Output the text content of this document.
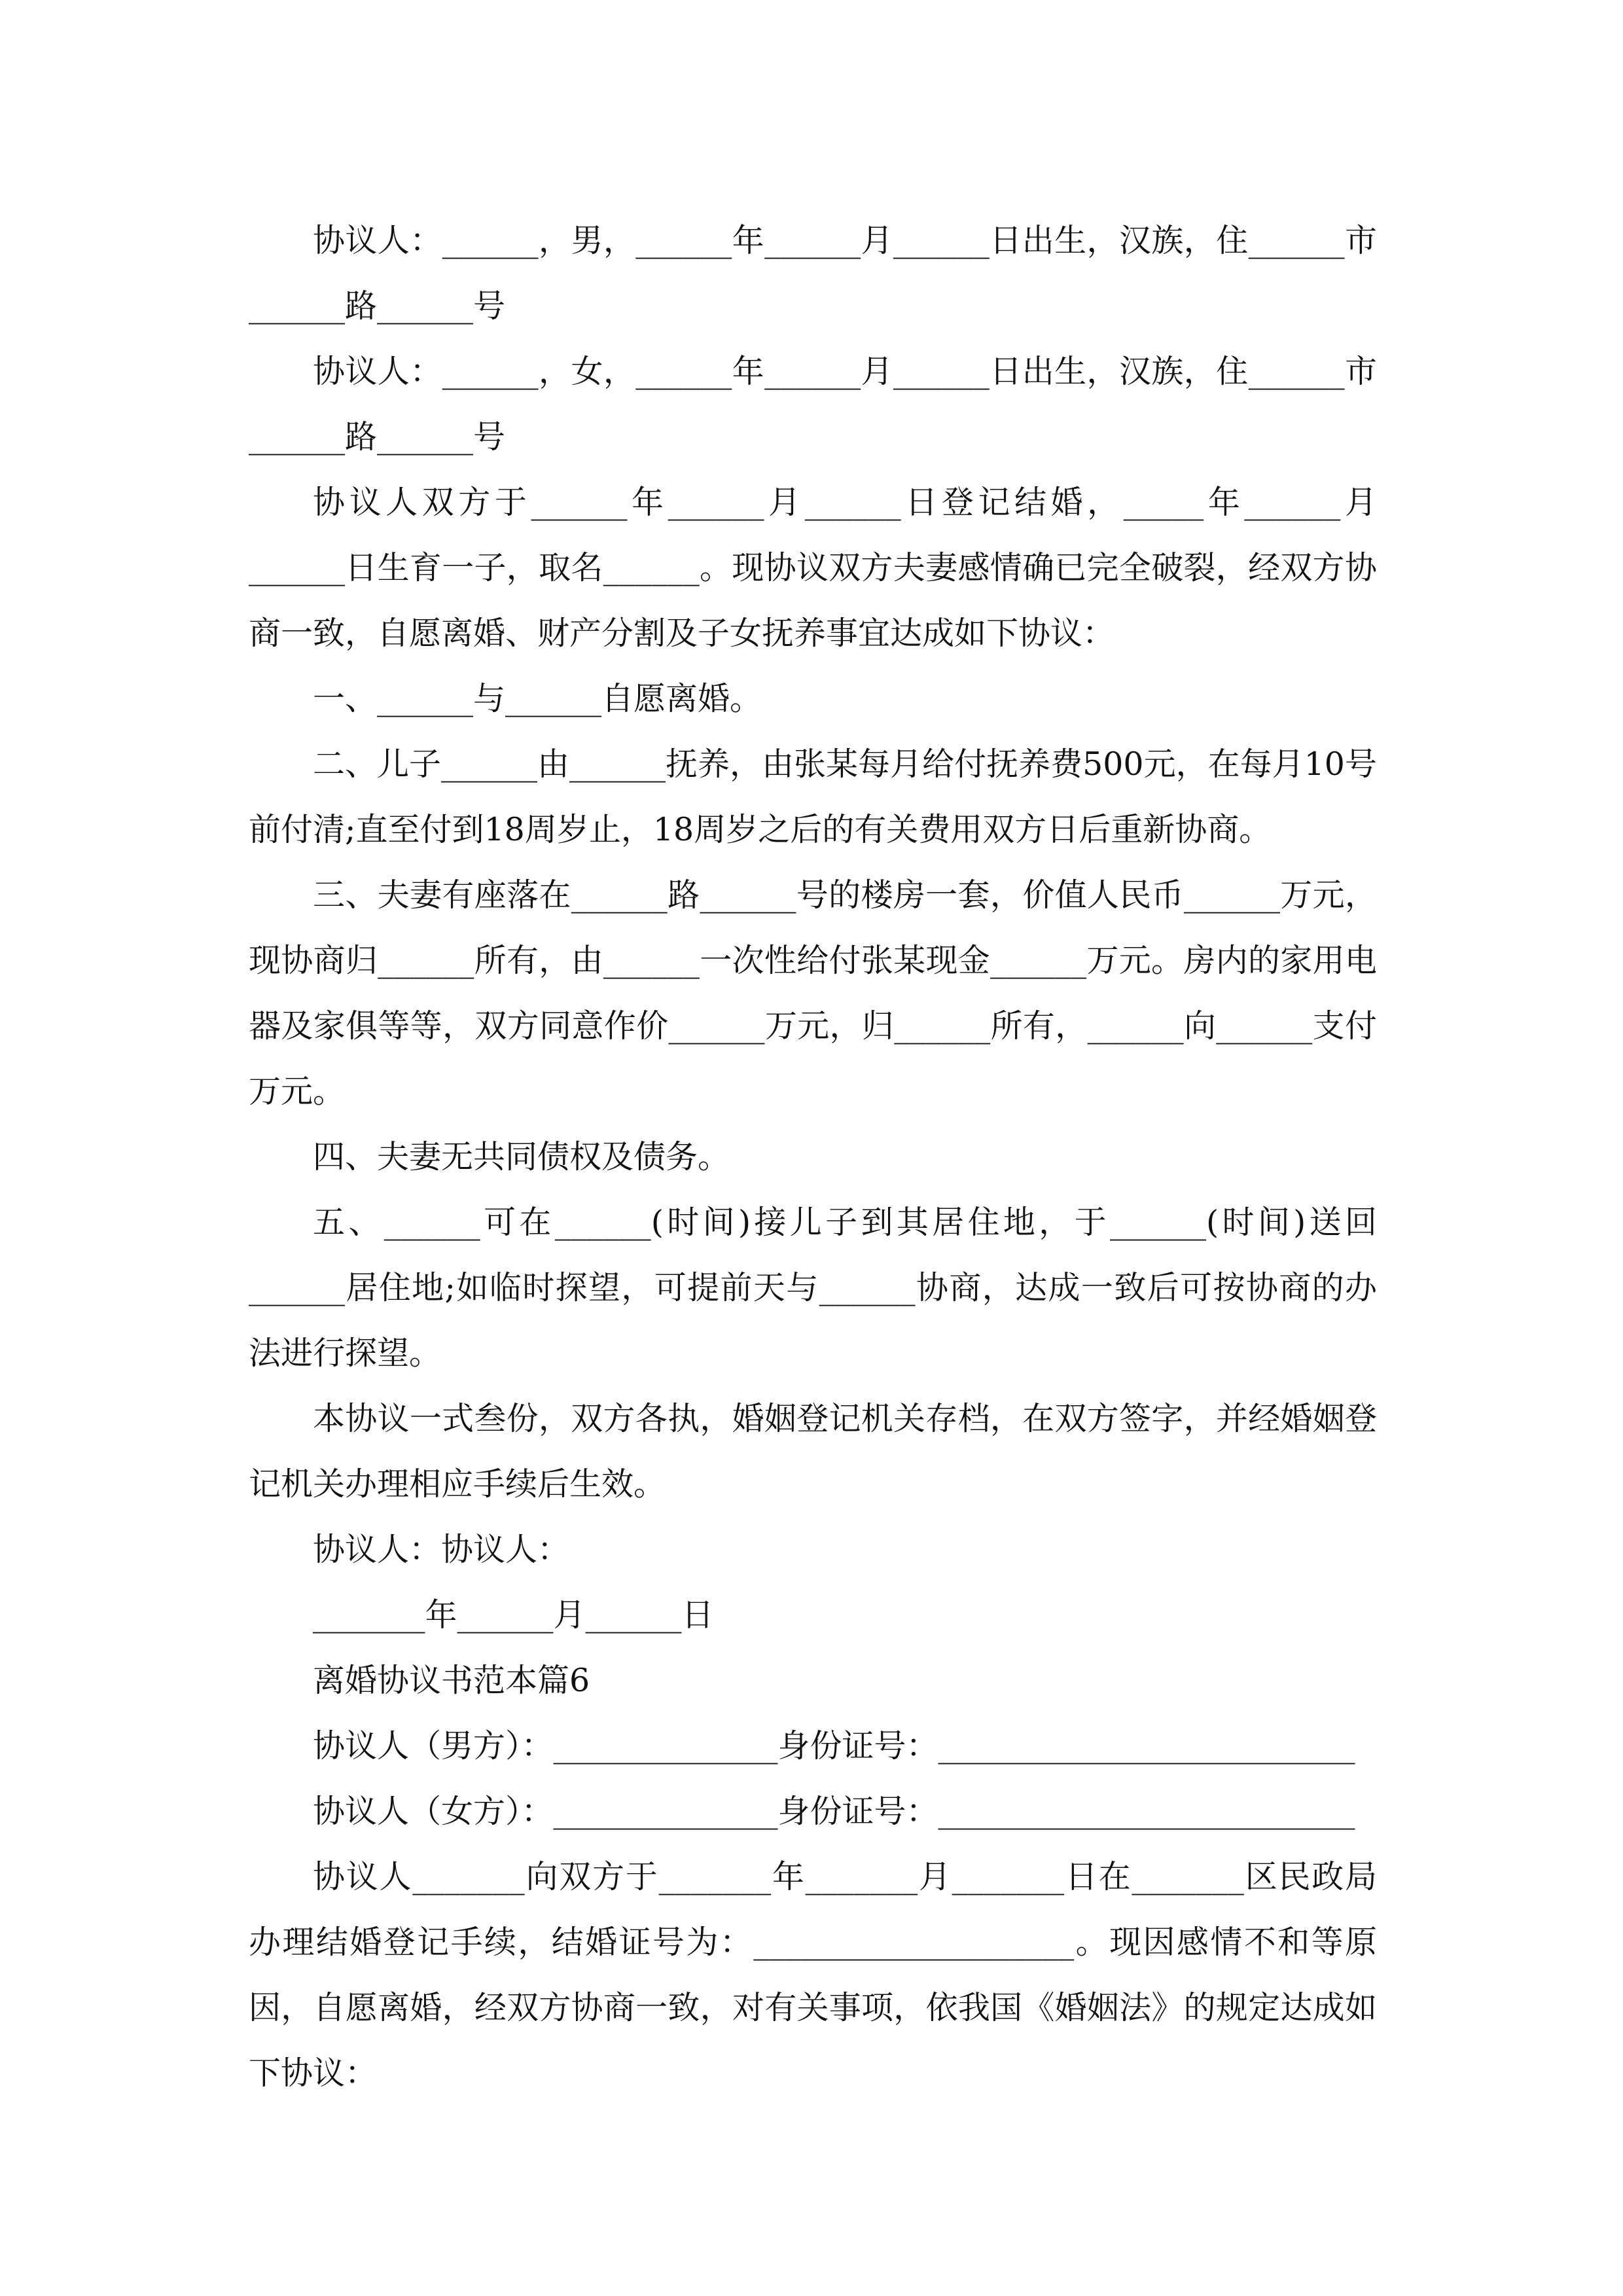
协议人：______，男，______年______月______日出生，汉族，住______市______路______号

协议人：______，女，______年______月______日出生，汉族，住______市______路______号

协议人双方于______年______月______日登记结婚，_____年______月______日生育一子，取名______。现协议双方夫妻感情确已完全破裂，经双方协商一致，自愿离婚、财产分割及子女抚养事宜达成如下协议：

一、______与______自愿离婚。

二、儿子______由______抚养，由张某每月给付抚养费500元，在每月10号前付清;直至付到18周岁止，18周岁之后的有关费用双方日后重新协商。

三、夫妻有座落在______路______号的楼房一套，价值人民币______万元，现协商归______所有，由______一次性给付张某现金______万元。房内的家用电器及家俱等等，双方同意作价______万元，归______所有，______向______支付万元。

四、夫妻无共同债权及债务。

五、______可在______(时间)接儿子到其居住地，于______(时间)送回______居住地;如临时探望，可提前天与______协商，达成一致后可按协商的办法进行探望。

本协议一式叁份，双方各执，婚姻登记机关存档，在双方签字，并经婚姻登记机关办理相应手续后生效。

协议人：协议人：

_______年______月______日

离婚协议书范本篇6

协议人（男方）：______________身份证号：__________________________

协议人（女方）：______________身份证号：__________________________

协议人_______向双方于_______年_______月_______日在_______区民政局办理结婚登记手续，结婚证号为：____________________。现因感情不和等原因，自愿离婚，经双方协商一致，对有关事项，依我国《婚姻法》的规定达成如下协议：
